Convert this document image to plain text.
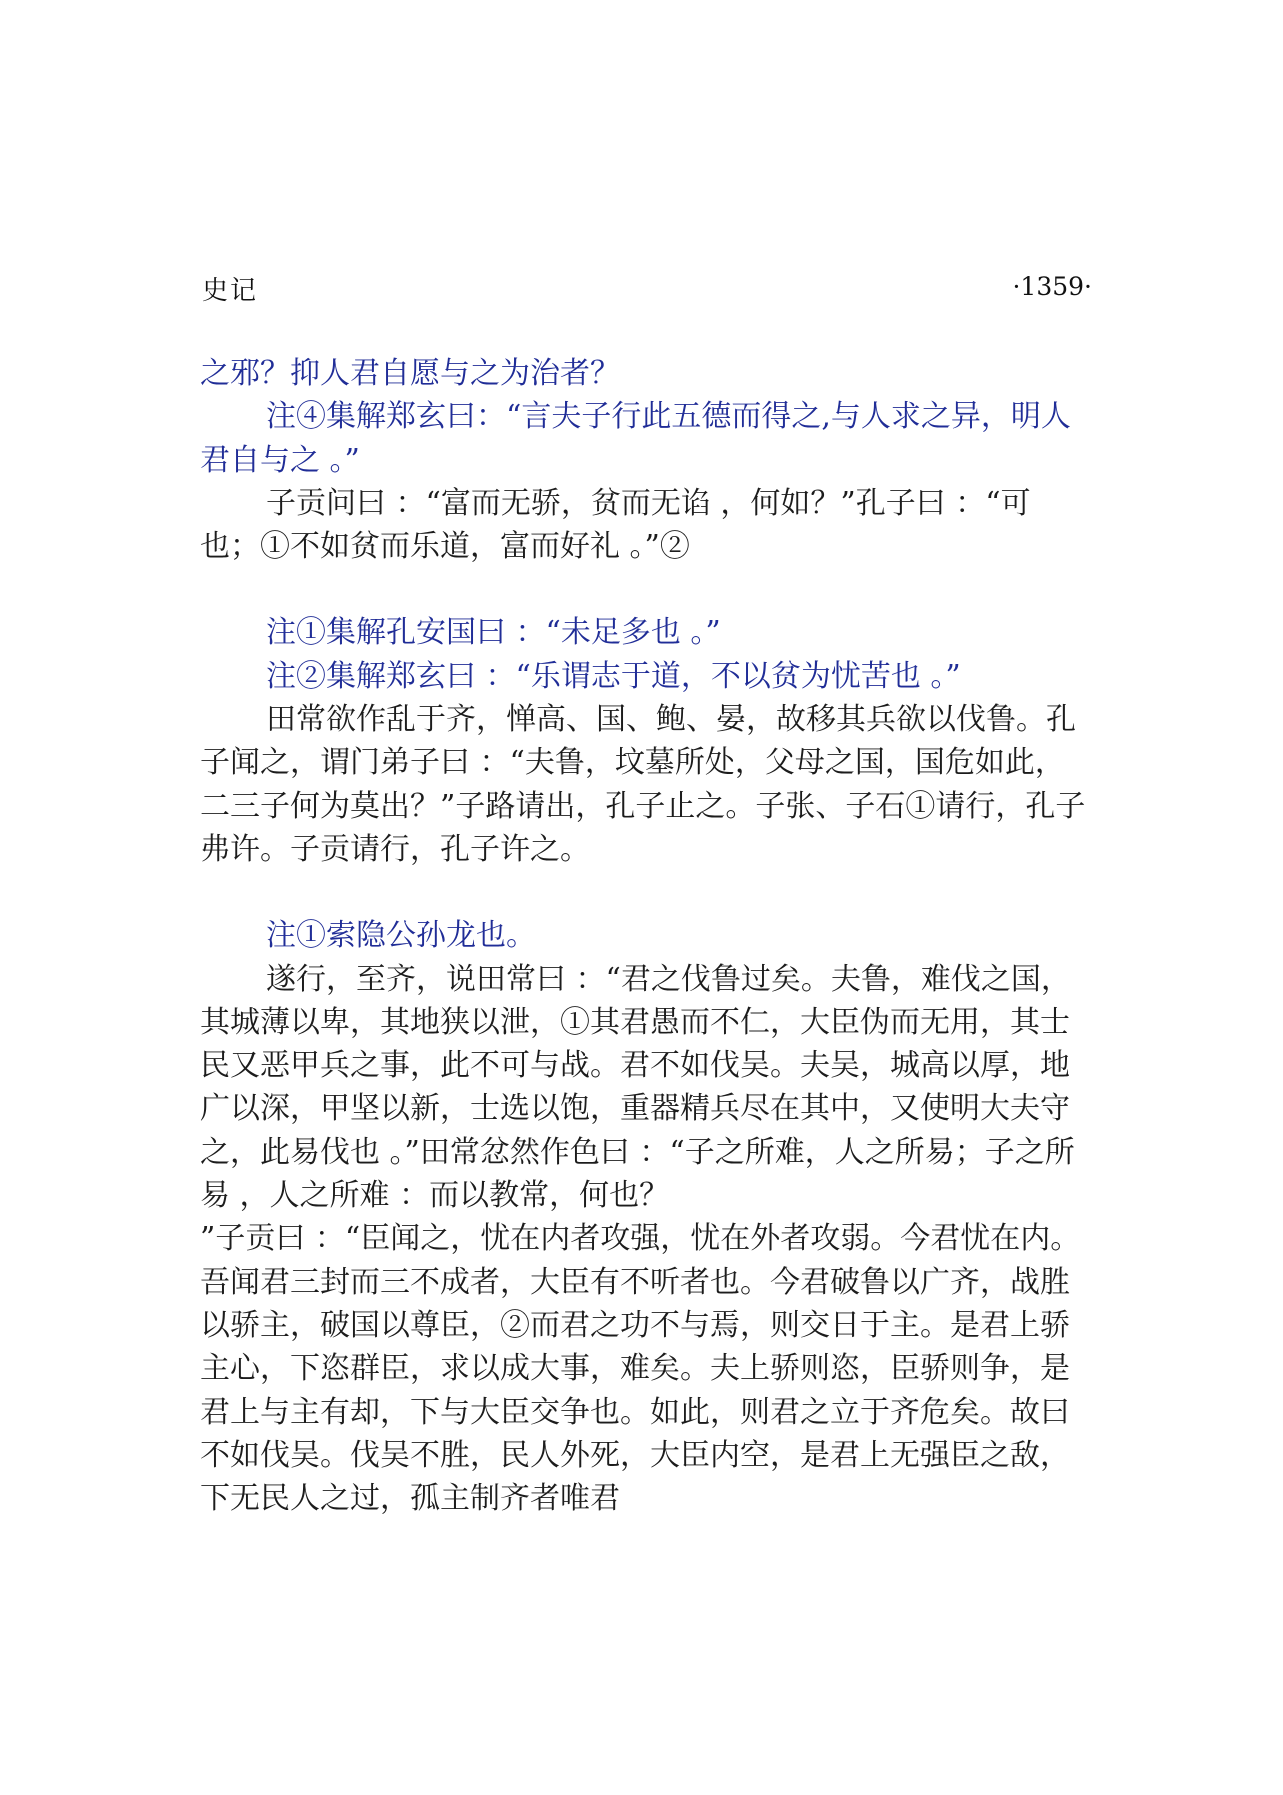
史记	·1359·

之邪？抑人君自愿与之为治者？

注④集解郑玄曰：“言夫子行此五德而得之,与人求之异，明人君自与之 。”

子贡问曰 ：“富而无骄，贫而无谄 ，何如？”孔子曰 ：“可也；①不如贫而乐道，富而好礼 。”②

注①集解孔安国曰 ：“未足多也 。”

注②集解郑玄曰 ：“乐谓志于道，不以贫为忧苦也 。”

田常欲作乱于齐，惮高、国、鲍、晏，故移其兵欲以伐鲁。孔子闻之，谓门弟子曰 ：“夫鲁，坟墓所处，父母之国，国危如此，二三子何为莫出？”子路请出，孔子止之。子张、子石①请行，孔子弗许。子贡请行，孔子许之。

注①索隐公孙龙也。

遂行，至齐，说田常曰 ：“君之伐鲁过矣。夫鲁，难伐之国，其城薄以卑，其地狭以泄，①其君愚而不仁，大臣伪而无用，其士民又恶甲兵之事，此不可与战。君不如伐吴。夫吴，城高以厚，地广以深，甲坚以新，士选以饱，重器精兵尽在其中，又使明大夫守之，此易伐也 。”田常忿然作色曰 ：“子之所难，人之所易；子之所易 ，人之所难 ：而以教常，何也？

”子贡曰 ：“臣闻之，忧在内者攻强，忧在外者攻弱。今君忧在内。吾闻君三封而三不成者，大臣有不听者也。今君破鲁以广齐，战胜以骄主，破国以尊臣，②而君之功不与焉，则交日于主。是君上骄主心，下恣群臣，求以成大事，难矣。夫上骄则恣，臣骄则争，是君上与主有却，下与大臣交争也。如此，则君之立于齐危矣。故曰不如伐吴。伐吴不胜，民人外死，大臣内空，是君上无强臣之敌，下无民人之过，孤主制齐者唯君
